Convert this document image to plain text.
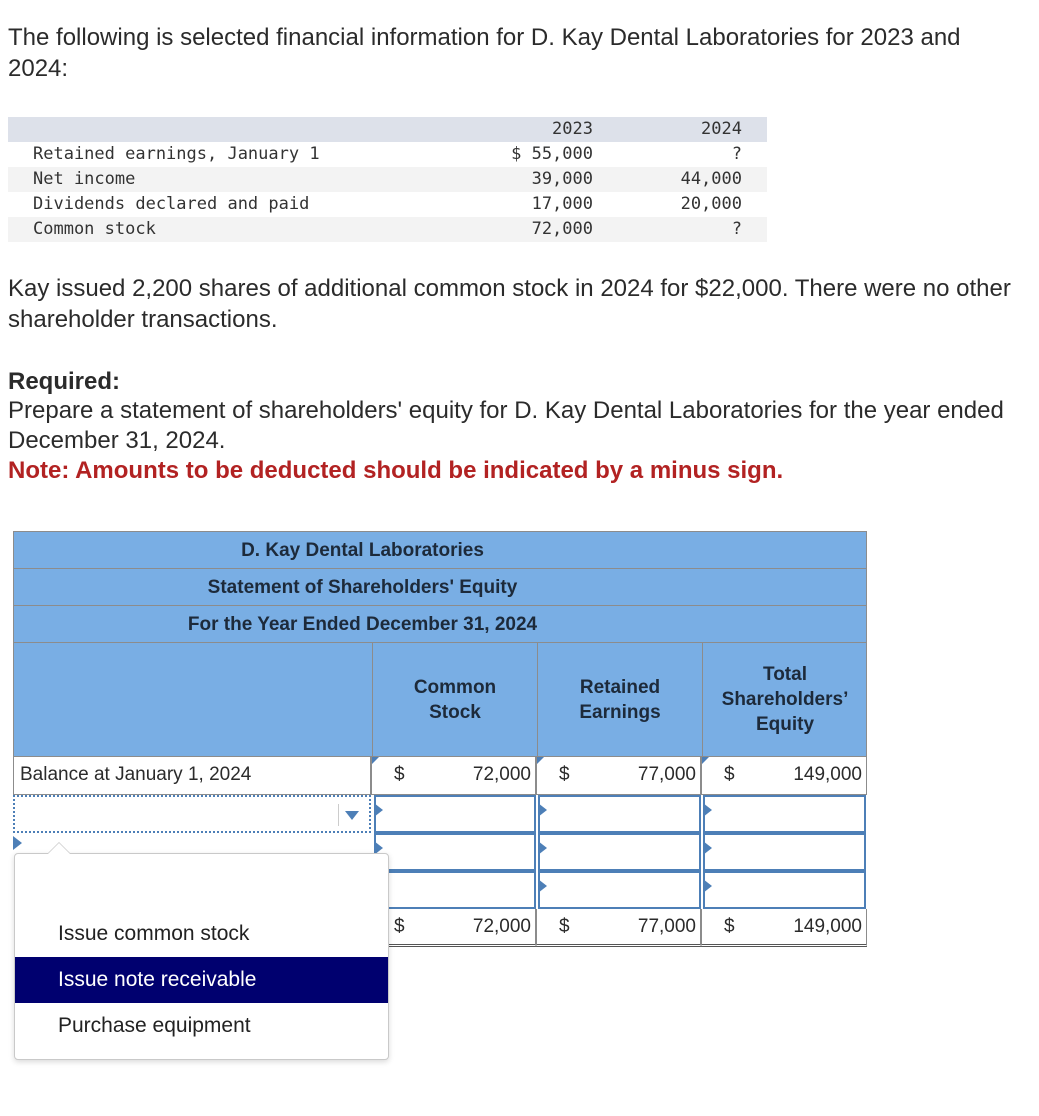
The following is selected financial information for D. Kay Dental Laboratories for 2023 and 2024:

2023	2024
Retained earnings, January 1	$ 55,000	?
Net income	39,000	44,000
Dividends declared and paid	17,000	20,000
Common stock	72,000	?

Kay issued 2,200 shares of additional common stock in 2024 for $22,000. There were no other shareholder transactions.

Required:

Prepare a statement of shareholders' equity for D. Kay Dental Laboratories for the year ended December 31, 2024.

Note: Amounts to be deducted should be indicated by a minus sign.

D. Kay Dental Laboratories
Statement of Shareholders' Equity
For the Year Ended December 31, 2024
Common Stock
Retained Earnings
Total Shareholders’ Equity
Balance at January 1, 2024	$	72,000 $	77,000 $	149,000
$	72,000 $	77,000 $	149,000
Issue common stock
Issue note receivable
Purchase equipment
